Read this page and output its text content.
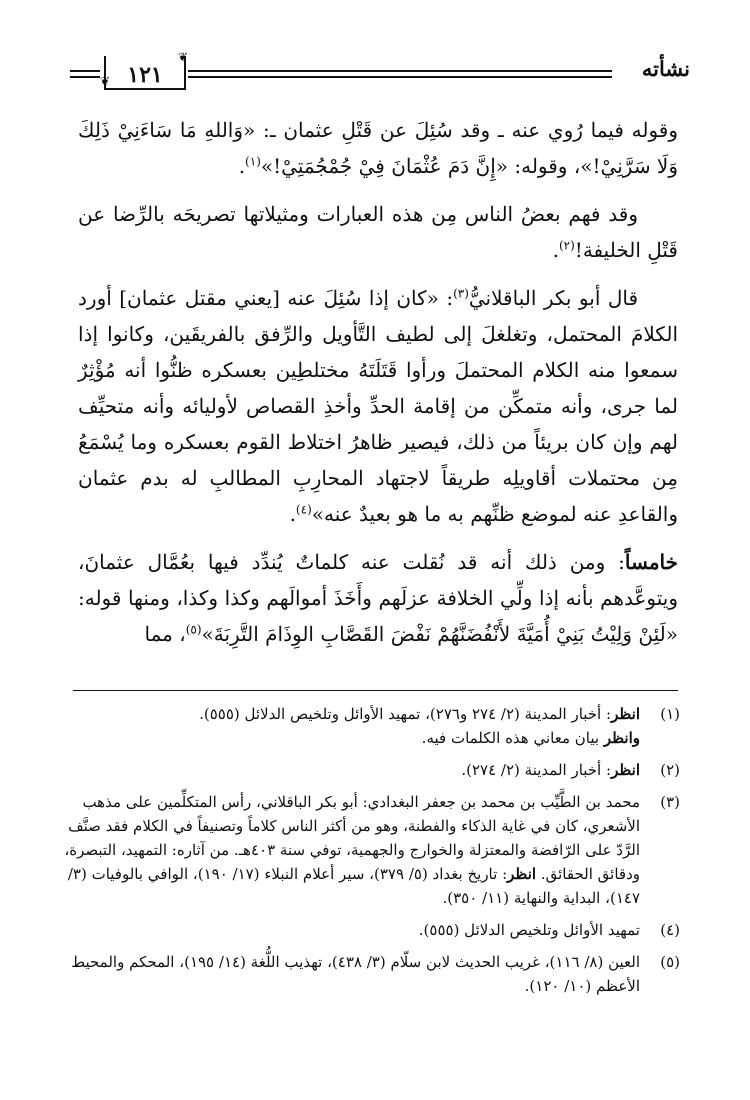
نشأته
١٢١
❦
❦

وقوله فيما رُوي عنه ـ وقد سُئِلَ عن قَتْلِ عثمان ـ: «وَاللهِ مَا سَاءَنِيْ ذَلِكَ وَلَا سَرَّنِيْ!»، وقوله: «إِنَّ دَمَ عُثْمَانَ فِيْ جُمْجُمَتِيْ!»$^{(١)}$.

وقد فهم بعضُ الناس مِن هذه العبارات ومثيلاتها تصريحَه بالرِّضا عن قَتْلِ الخليفة!$^{(٢)}$.

قال أبو بكر الباقلانيُّ$^{(٣)}$: «كان إذا سُئِلَ عنه [يعني مقتل عثمان] أورد الكلامَ المحتمل، وتغلغلَ إلى لطيف التَّأويل والرِّفق بالفريقَين، وكانوا إذا سمعوا منه الكلام المحتملَ ورأوا قَتَلَتَهُ مختلطِين بعسكره ظنُّوا أنه مُؤْثِرٌ لما جرى، وأنه متمكِّن من إقامة الحدِّ وأخذِ القصاص لأوليائه وأنه متحيِّف لهم وإن كان بريئاً من ذلك، فيصير ظاهرُ اختلاط القوم بعسكره وما يُسْمَعُ مِن محتملات أقاويلِه طريقاً لاجتهاد المحارِبِ المطالبِ له بدم عثمان والقاعدِ عنه لموضع ظنِّهم به ما هو بعيدٌ عنه»$^{(٤)}$.

خامساً: ومن ذلك أنه قد نُقلت عنه كلماتٌ يُندِّد فيها بعُمَّال عثمانَ، ويتوعَّدهم بأنه إذا ولِّي الخلافة عزلَهم وأَخَذَ أموالَهم وكذا وكذا، ومنها قوله: «لَئِنْ وَلِيْتُ بَنِيْ أُمَيَّةَ لأَنْفُضَنَّهُمْ نَفْضَ القَصَّابِ الوِذَامَ التَّرِبَةَ»$^{(٥)}$، مما

(١)
انظر: أخبار المدينة (٢/ ٢٧٤ و٢٧٦)، تمهيد الأوائل وتلخيص الدلائل (٥٥٥).
وانظر بيان معاني هذه الكلمات فيه.
(٢)
انظر: أخبار المدينة (٢/ ٢٧٤).
(٣)
محمد بن الطَّيِّب بن محمد بن جعفر البغدادي: أبو بكر الباقلاني، رأس المتكلِّمين على مذهب الأشعري، كان في غاية الذكاء والفطنة، وهو من أكثر الناس كلاماً وتصنيفاً في الكلام فقد صنَّف الرَّدّ علی الرّافضة والمعتزلة والخوارج والجهمية، توفي سنة ٤٠٣هـ. من آثاره: التمهيد، التبصرة، ودقائق الحقائق. انظر: تاريخ بغداد (٥/ ٣٧٩)، سير أعلام النبلاء (١٧/ ١٩٠)، الوافي بالوفيات (٣/ ١٤٧)، البداية والنهاية (١١/ ٣٥٠).
(٤)
تمهيد الأوائل وتلخيص الدلائل (٥٥٥).
(٥)
العين (٨/ ١١٦)، غريب الحديث لابن سلّام (٣/ ٤٣٨)، تهذيب اللُّغة (١٤/ ١٩٥)، المحكم والمحيط الأعظم (١٠/ ١٢٠).
